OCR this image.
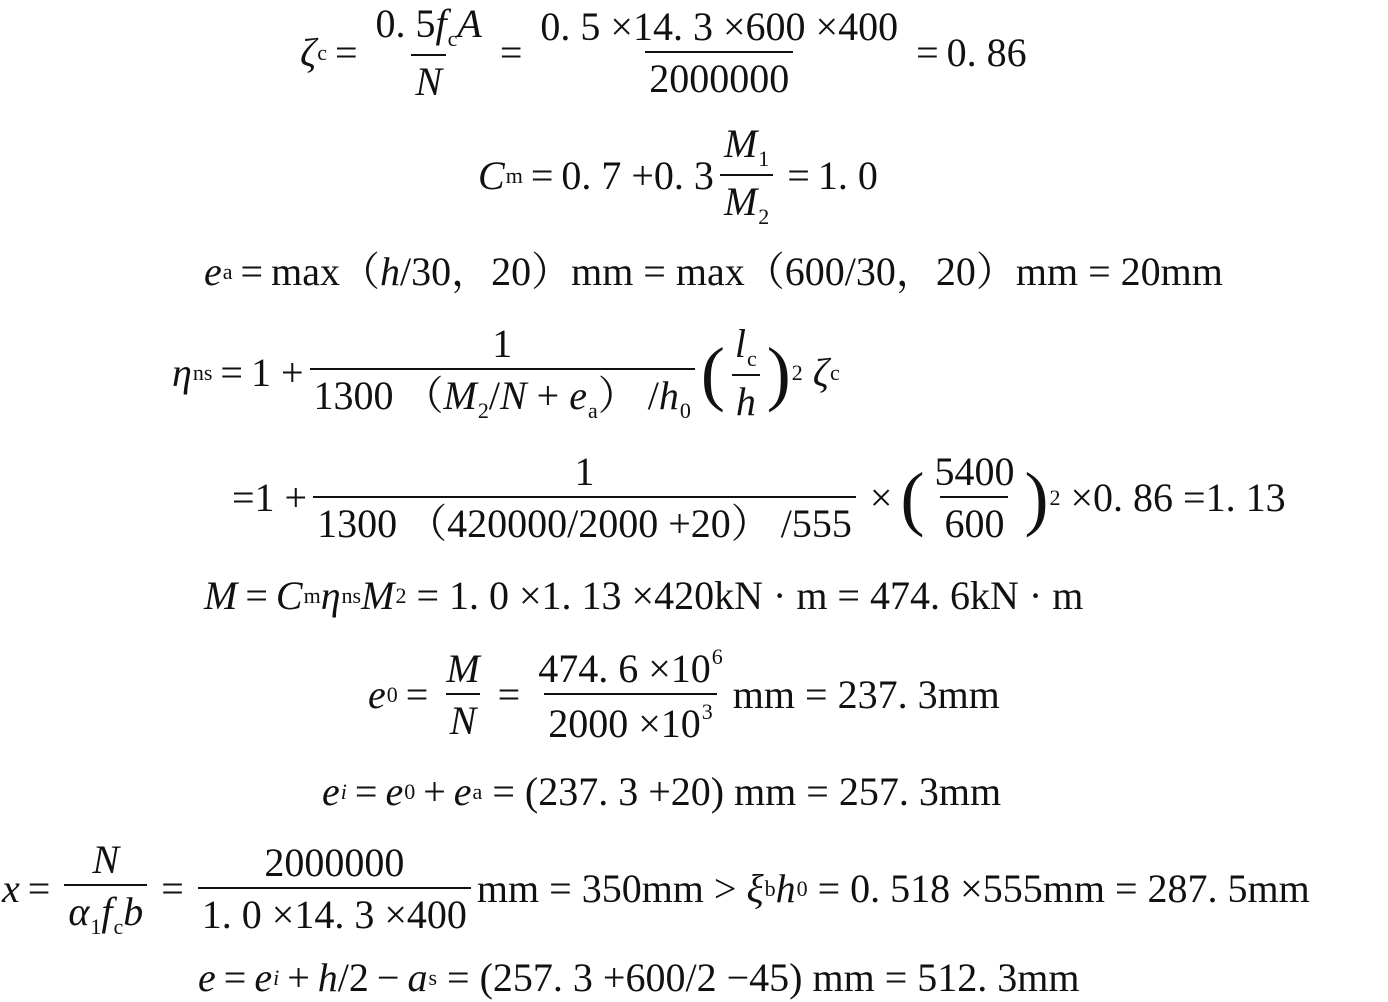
ζ $c = \frac{0. 5f_cA}{N} = \frac{0. 5 \times 14. 3 \times 600 \times 400}{2000000} = 0$. 86
C m = 0. 7 +0. $3 \frac{M_1}{M_2} = 1$. 0
e a = max（ h /30，20）mm = max（600/30，20）mm = 20mm
η ns = $1 + \frac{1}{1300 (M_2/N + e_a) /h_0}$ ( $\frac{l_c}{h}$ ) 2 ζ c
$=1 + \frac{1}{1300 (420000/2000 +20) /555}$ × ( $\frac{5400}{600}$ ) 2 ×0. 86 =1. 13
M = C m η ns M 2 = 1. 0 ×1. 13 ×420kN · m = 474. 6kN · m
e $0 = \frac{M}{N} = \frac{474. 6 \times 10^6}{2000 \times 10^3}$ mm = 237. 3mm
e i = e 0 + e a = (237. 3 +20) mm = 257. 3mm
$x = \frac{N}{\alpha_1f_cb} = \frac{2000000}{1. 0 \times 14. 3 \times 400}$ mm = 350mm > ξ b h 0 = 0. 518 ×555mm = 287. 5mm
e = e i + h /2 − a s = (257. 3 +600/2 −45) mm = 512. 3mm
